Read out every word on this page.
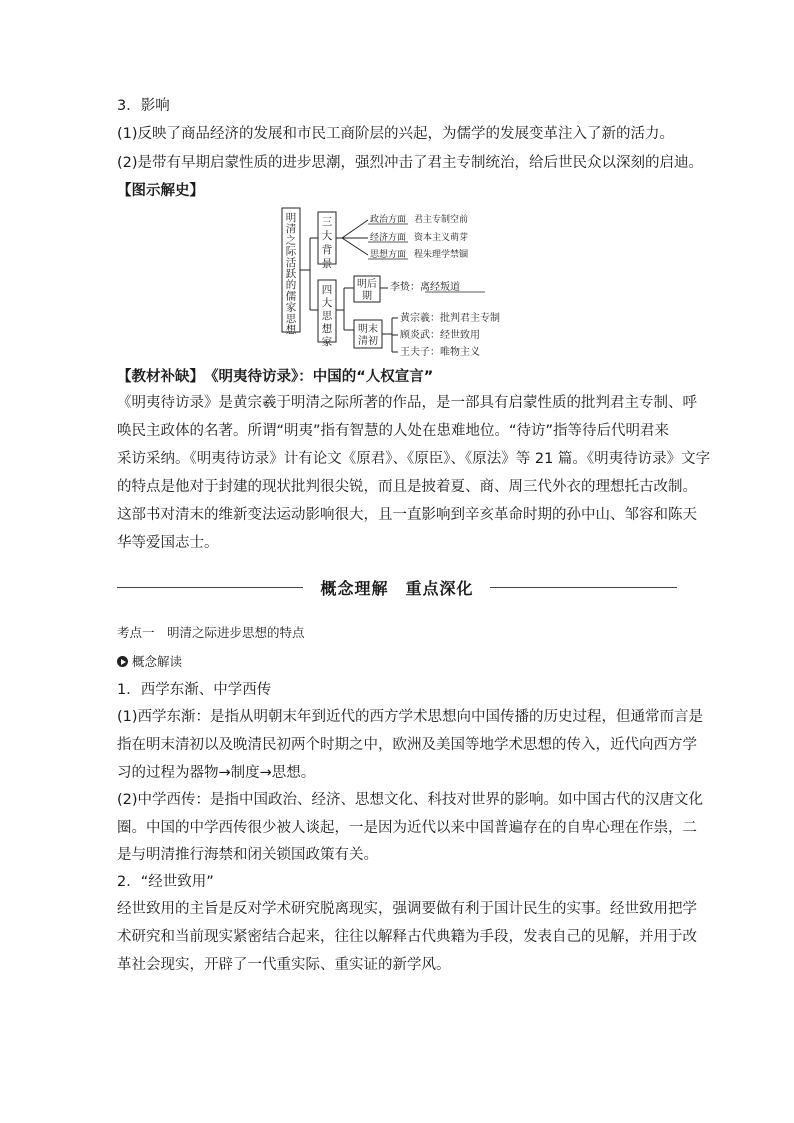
3．影响
(1)反映了商品经济的发展和市民工商阶层的兴起，为儒学的发展变革注入了新的活力。
(2)是带有早期启蒙性质的进步思潮，强烈冲击了君主专制统治，给后世民众以深刻的启迪。
【图示解史】
明清之际活跃的儒家思想
三大背景
政治方面 君主专制空前
经济方面 资本主义萌芽
思想方面 程朱理学禁锢
四大思想家
明后
期
李贽：离经叛道
明末
清初
黄宗羲：批判君主专制
顾炎武：经世致用
王夫子：唯物主义
【教材补缺】　《明夷待访录》：中国的“人权宣言”
《明夷待访录》是黄宗羲于明清之际所著的作品，是一部具有启蒙性质的批判君主专制、呼
唤民主政体的名著。所谓“明夷”指有智慧的人处在患难地位。“待访”指等待后代明君来
采访采纳。《明夷待访录》计有论文《原君》、《原臣》、《原法》等 21 篇。《明夷待访录》文字
的特点是他对于封建的现状批判很尖锐，而且是披着夏、商、周三代外衣的理想托古改制。
这部书对清末的维新变法运动影响很大，且一直影响到辛亥革命时期的孙中山、邹容和陈天
华等爱国志士。
概念理解　重点深化
考点一　明清之际进步思想的特点
概念解读
1．西学东渐、中学西传
(1)西学东渐：是指从明朝末年到近代的西方学术思想向中国传播的历史过程，但通常而言是
指在明末清初以及晚清民初两个时期之中，欧洲及美国等地学术思想的传入，近代向西方学
习的过程为器物→制度→思想。
(2)中学西传：是指中国政治、经济、思想文化、科技对世界的影响。如中国古代的汉唐文化
圈。中国的中学西传很少被人谈起，一是因为近代以来中国普遍存在的自卑心理在作祟，二
是与明清推行海禁和闭关锁国政策有关。
2．“经世致用”
经世致用的主旨是反对学术研究脱离现实，强调要做有利于国计民生的实事。经世致用把学
术研究和当前现实紧密结合起来，往往以解释古代典籍为手段，发表自己的见解，并用于改
革社会现实，开辟了一代重实际、重实证的新学风。
